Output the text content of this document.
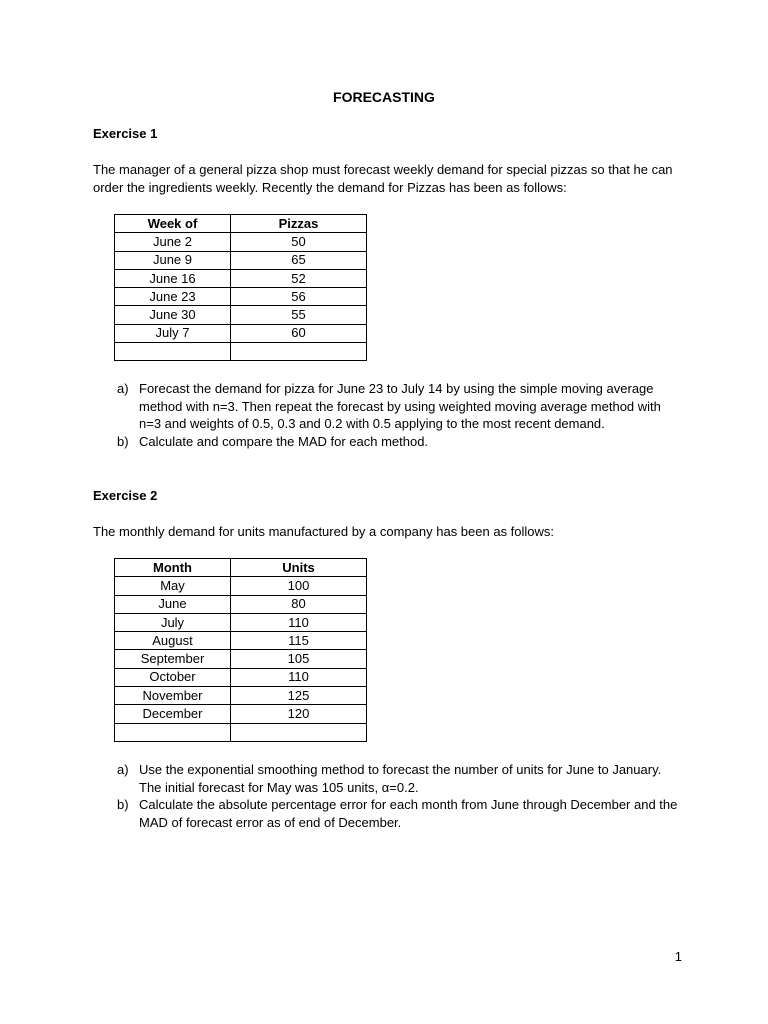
FORECASTING
Exercise 1
The manager of a general pizza shop must forecast weekly demand for special pizzas so that he can order the ingredients weekly. Recently the demand for Pizzas has been as follows:
Week of	Pizzas
June 2	50
June 9	65
June 16	52
June 23	56
June 30	55
July 7	60

a) Forecast the demand for pizza for June 23 to July 14 by using the simple moving average method with n=3. Then repeat the forecast by using weighted moving average method with n=3 and weights of 0.5, 0.3 and 0.2 with 0.5 applying to the most recent demand.
b) Calculate and compare the MAD for each method.
Exercise 2
The monthly demand for units manufactured by a company has been as follows:
Month	Units
May	100
June	80
July	110
August	115
September	105
October	110
November	125
December	120

a) Use the exponential smoothing method to forecast the number of units for June to January. The initial forecast for May was 105 units, α=0.2.
b) Calculate the absolute percentage error for each month from June through December and the MAD of forecast error as of end of December.
1
